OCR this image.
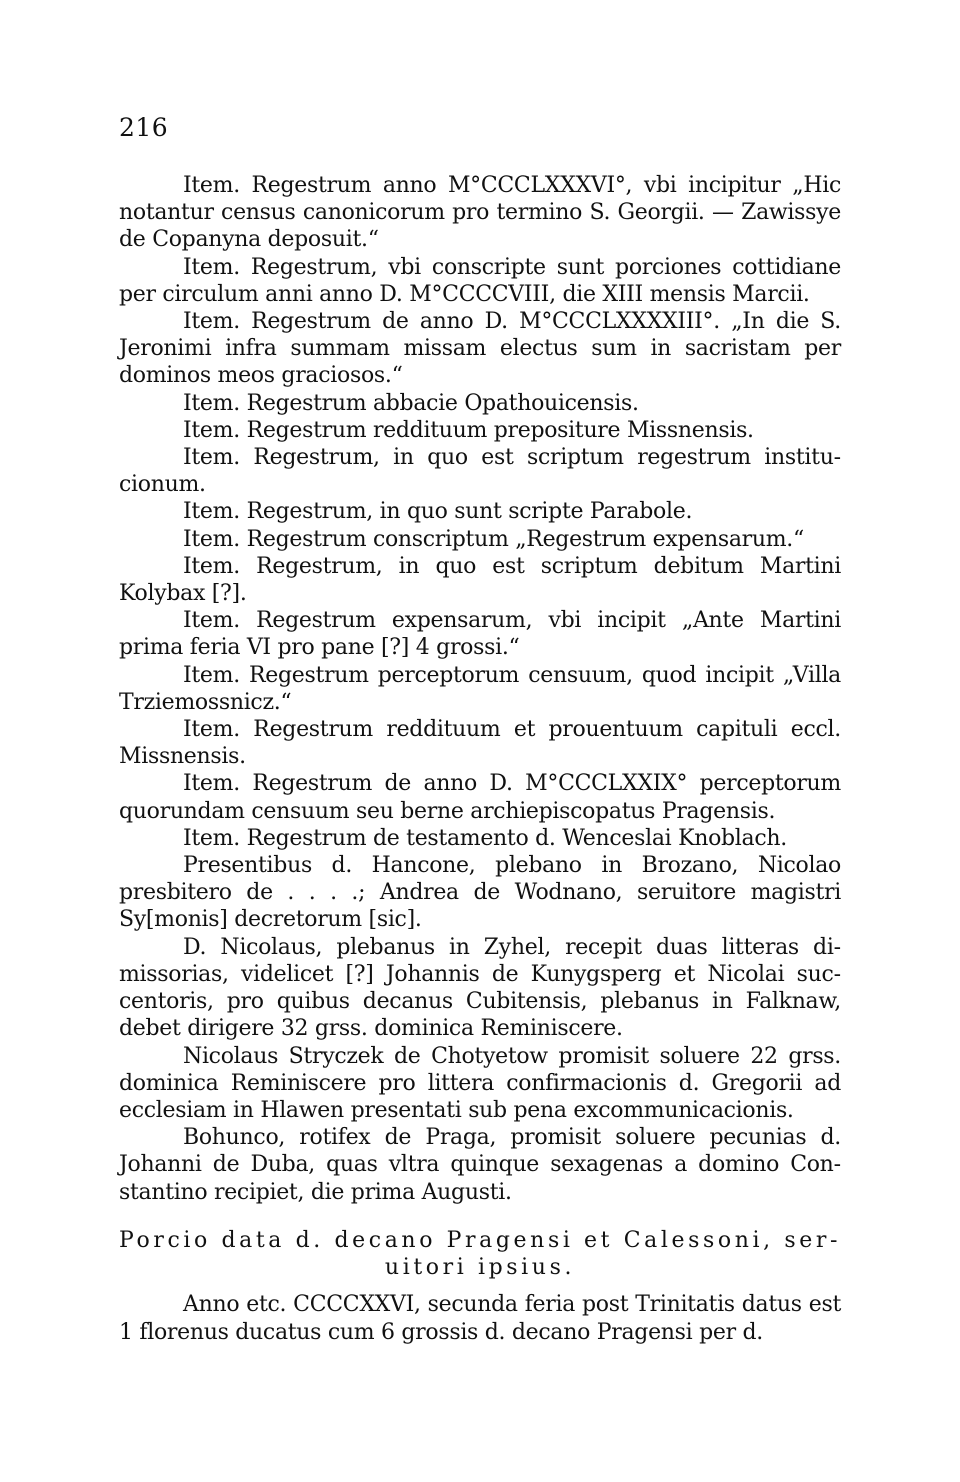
216

Item. Regestrum anno M°CCCLXXXVI°, vbi incipitur „Hic notantur census canonicorum pro termino S. Georgii. — Zawissye de Copanyna deposuit.“

Item. Regestrum, vbi conscripte sunt porciones cottidiane per circulum anni anno D. M°CCCCVIII, die XIII mensis Marcii.

Item. Regestrum de anno D. M°CCCLXXXXIII°. „In die S. Jeronimi infra summam missam electus sum in sacristam per dominos meos graciosos.“

Item. Regestrum abbacie Opathouicensis.

Item. Regestrum reddituum prepositure Missnensis.

Item. Regestrum, in quo est scriptum regestrum institucionum.

Item. Regestrum, in quo sunt scripte Parabole.

Item. Regestrum conscriptum „Regestrum expensarum.“

Item. Regestrum, in quo est scriptum debitum Martini Kolybax [?].

Item. Regestrum expensarum, vbi incipit „Ante Martini prima feria VI pro pane [?] 4 grossi.“

Item. Regestrum perceptorum censuum, quod incipit „Villa Trziemossnicz.“

Item. Regestrum reddituum et prouentuum capituli eccl. Missnensis.

Item. Regestrum de anno D. M°CCCLXXIX° perceptorum quorundam censuum seu berne archiepiscopatus Pragensis.

Item. Regestrum de testamento d. Wenceslai Knoblach.

Presentibus d. Hancone, plebano in Brozano, Nicolao presbitero de . . . .; Andrea de Wodnano, seruitore magistri Sy[monis] decretorum [sic].

D. Nicolaus, plebanus in Zyhel, recepit duas litteras dimissorias, videlicet [?] Johannis de Kunygsperg et Nicolai succentoris, pro quibus decanus Cubitensis, plebanus in Falknaw, debet dirigere 32 grss. dominica Reminiscere.

Nicolaus Stryczek de Chotyetow promisit soluere 22 grss. dominica Reminiscere pro littera confirmacionis d. Gregorii ad ecclesiam in Hlawen presentati sub pena excommunicacionis.

Bohunco, rotifex de Praga, promisit soluere pecunias d. Johanni de Duba, quas vltra quinque sexagenas a domino Constantino recipiet, die prima Augusti.

Porcio data d. decano Pragensi et Calessoni, ser-
uitori ipsius.

Anno etc. CCCCXXVI, secunda feria post Trinitatis datus est 1 florenus ducatus cum 6 grossis d. decano Pragensi per d.
